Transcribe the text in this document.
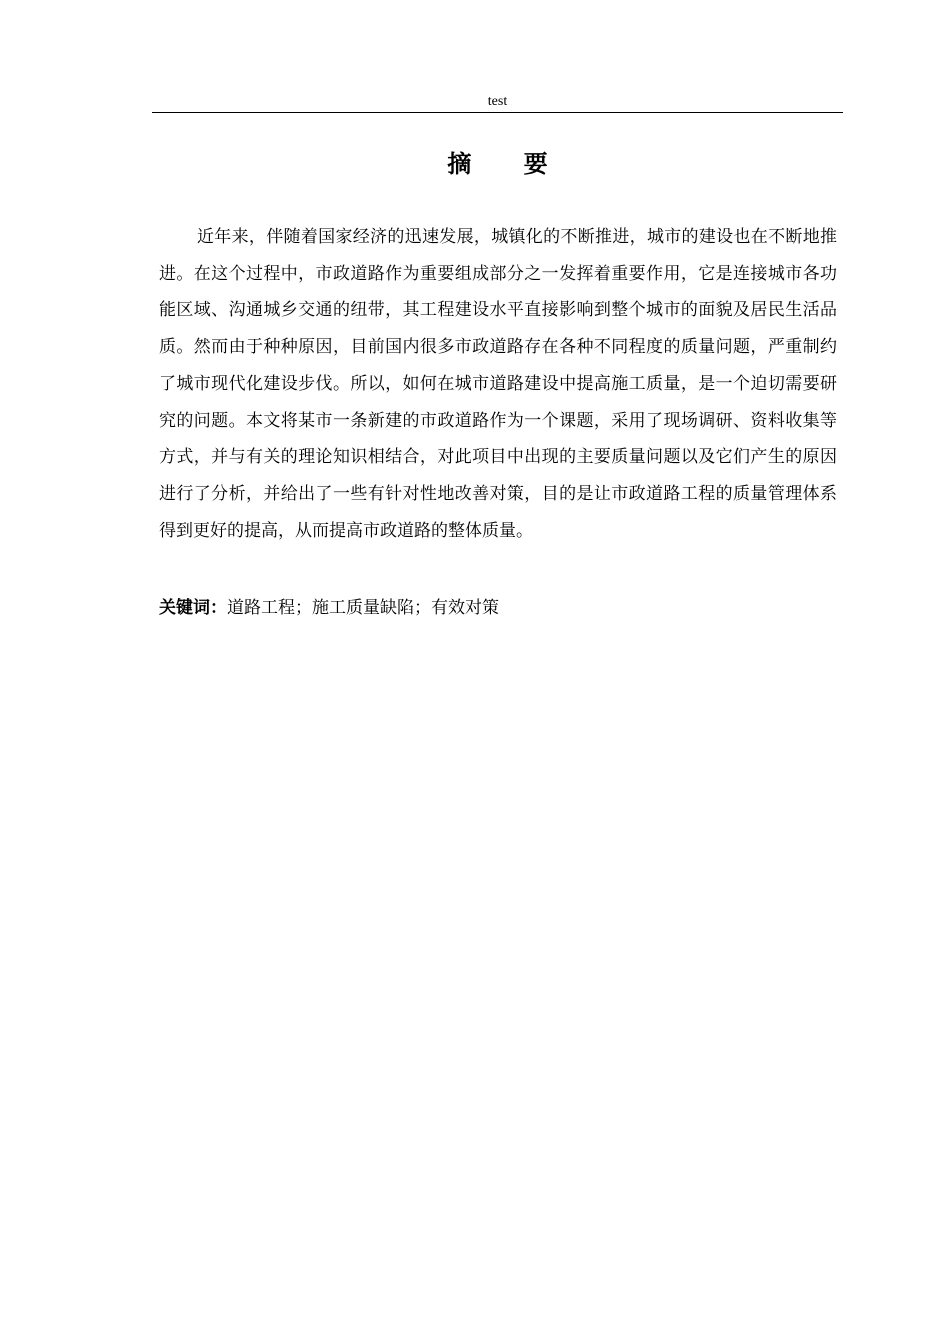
test
摘 要

近年来，伴随着国家经济的迅速发展，城镇化的不断推进，城市的建设也在不断地推进。在这个过程中，市政道路作为重要组成部分之一发挥着重要作用，它是连接城市各功能区域、沟通城乡交通的纽带，其工程建设水平直接影响到整个城市的面貌及居民生活品质。然而由于种种原因，目前国内很多市政道路存在各种不同程度的质量问题，严重制约了城市现代化建设步伐。所以，如何在城市道路建设中提高施工质量，是一个迫切需要研究的问题。本文将某市一条新建的市政道路作为一个课题，采用了现场调研、资料收集等方式，并与有关的理论知识相结合，对此项目中出现的主要质量问题以及它们产生的原因进行了分析，并给出了一些有针对性地改善对策，目的是让市政道路工程的质量管理体系得到更好的提高，从而提高市政道路的整体质量。

关键词：道路工程；施工质量缺陷；有效对策
